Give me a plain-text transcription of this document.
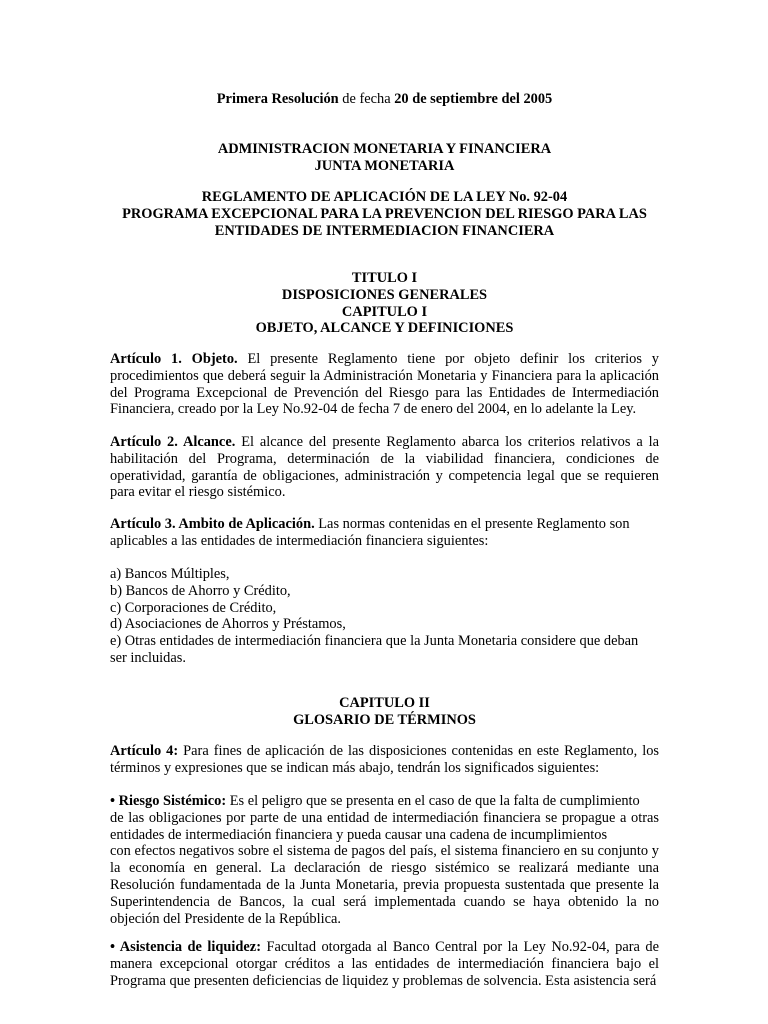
Primera Resolución de fecha 20 de septiembre del 2005

ADMINISTRACION MONETARIA Y FINANCIERA
JUNTA MONETARIA
REGLAMENTO DE APLICACIÓN DE LA LEY No. 92-04
PROGRAMA EXCEPCIONAL PARA LA PREVENCION DEL RIESGO PARA LAS
ENTIDADES DE INTERMEDIACION FINANCIERA
TITULO I
DISPOSICIONES GENERALES
CAPITULO I
OBJETO, ALCANCE Y DEFINICIONES

Artículo 1. Objeto. El presente Reglamento tiene por objeto definir los criterios y procedimientos que deberá seguir la Administración Monetaria y Financiera para la aplicación del Programa Excepcional de Prevención del Riesgo para las Entidades de Intermediación Financiera, creado por la Ley No.92-04 de fecha 7 de enero del 2004, en lo adelante la Ley.

Artículo 2. Alcance. El alcance del presente Reglamento abarca los criterios relativos a la habilitación del Programa, determinación de la viabilidad financiera, condiciones de operatividad, garantía de obligaciones, administración y competencia legal que se requieren para evitar el riesgo sistémico.

Artículo 3. Ambito de Aplicación. Las normas contenidas en el presente Reglamento son aplicables a las entidades de intermediación financiera siguientes:

a) Bancos Múltiples,
b) Bancos de Ahorro y Crédito,
c) Corporaciones de Crédito,
d) Asociaciones de Ahorros y Préstamos,
e) Otras entidades de intermediación financiera que la Junta Monetaria considere que deban
ser incluidas.
CAPITULO II
GLOSARIO DE TÉRMINOS

Artículo 4: Para fines de aplicación de las disposiciones contenidas en este Reglamento, los términos y expresiones que se indican más abajo, tendrán los significados siguientes:

• Riesgo Sistémico: Es el peligro que se presenta en el caso de que la falta de cumplimiento
de las obligaciones por parte de una entidad de intermediación financiera se propague a otras entidades de intermediación financiera y pueda causar una cadena de incumplimientos
con efectos negativos sobre el sistema de pagos del país, el sistema financiero en su conjunto y la economía en general. La declaración de riesgo sistémico se realizará mediante una Resolución fundamentada de la Junta Monetaria, previa propuesta sustentada que presente la Superintendencia de Bancos, la cual será implementada cuando se haya obtenido la no objeción del Presidente de la República.

• Asistencia de liquidez: Facultad otorgada al Banco Central por la Ley No.92-04, para de manera excepcional otorgar créditos a las entidades de intermediación financiera bajo el Programa que presenten deficiencias de liquidez y problemas de solvencia. Esta asistencia será
